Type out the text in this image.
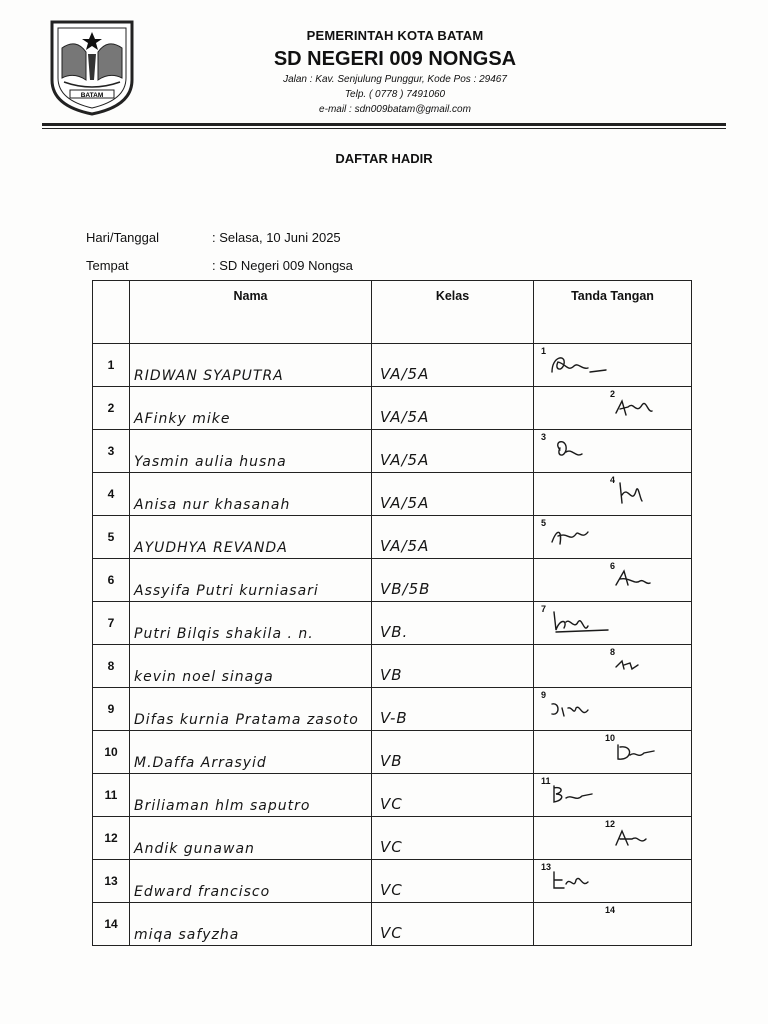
BATAM
PEMERINTAH KOTA BATAM
SD NEGERI 009 NONGSA
Jalan : Kav. Senjulung Punggur, Kode Pos : 29467
Telp. ( 0778 ) 7491060
e-mail : sdn009batam@gmail.com
DAFTAR HADIR
Hari/Tanggal	: Selasa, 10 Juni 2025
Tempat	: SD Negeri 009 Nongsa
	Nama	Kelas	Tanda Tangan
1	RIDWAN SYAPUTRA	VA/5A	1

2	AFinky mike	VA/5A	2

3	Yasmin aulia husna	VA/5A	3

4	Anisa nur khasanah	VA/5A	4

5	AYUDHYA REVANDA	VA/5A	5

6	Assyifa Putri kurniasari	VB/5B	6

7	Putri Bilqis shakila . n.	VB.	7

8	kevin noel sinaga	VB	8

9	Difas kurnia Pratama zasoto	V-B	9

10	M.Daffa Arrasyid	VB	10

11	Briliaman hlm saputro	VC	11

12	Andik gunawan	VC	12

13	Edward francisco	VC	13

14	miqa safyzha	VC	14
